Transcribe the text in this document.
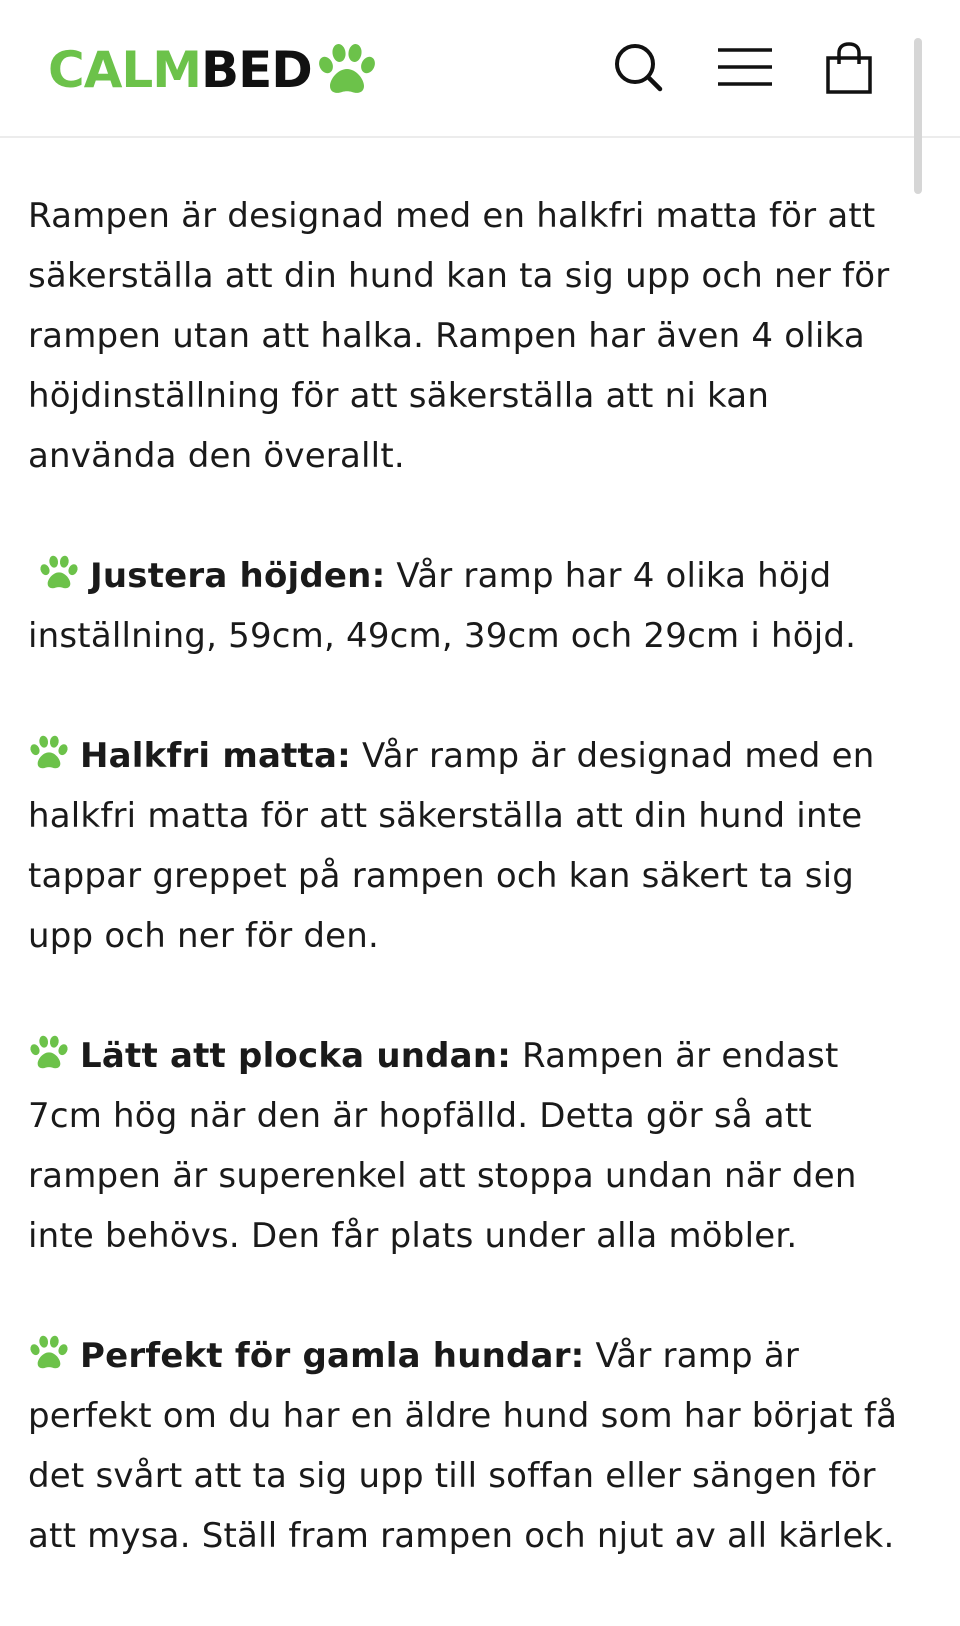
CALM BED

Rampen är designad med en halkfri matta för att säkerställa att din hund kan ta sig upp och ner för rampen utan att halka. Rampen har även 4 olika höjdinställning för att säkerställa att ni kan använda den överallt.

Justera höjden: Vår ramp har 4 olika höjd inställning, 59cm, 49cm, 39cm och 29cm i höjd.

Halkfri matta: Vår ramp är designad med en halkfri matta för att säkerställa att din hund inte tappar greppet på rampen och kan säkert ta sig upp och ner för den.

Lätt att plocka undan: Rampen är endast 7cm hög när den är hopfälld. Detta gör så att rampen är superenkel att stoppa undan när den inte behövs. Den får plats under alla möbler.

Perfekt för gamla hundar: Vår ramp är perfekt om du har en äldre hund som har börjat få det svårt att ta sig upp till soffan eller sängen för att mysa. Ställ fram rampen och njut av all kärlek.
